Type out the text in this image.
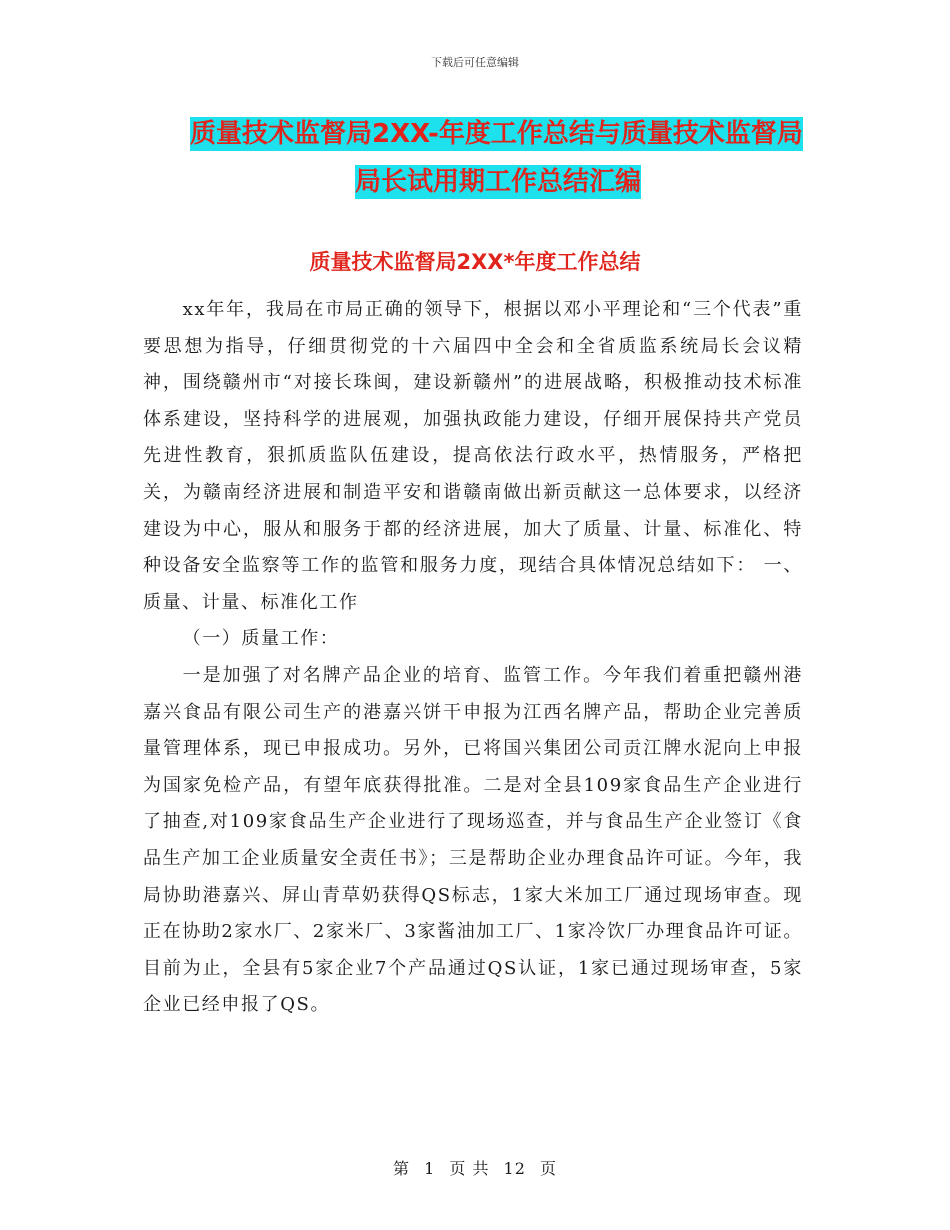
下载后可任意编辑
质量技术监督局2XX-年度工作总结与质量技术监督局
局长试用期工作总结汇编
质量技术监督局2XX*年度工作总结

xx年年，我局在市局正确的领导下，根据以邓小平理论和“三个代表”重要思想为指导，仔细贯彻党的十六届四中全会和全省质监系统局长会议精神，围绕赣州市“对接长珠闽，建设新赣州”的进展战略，积极推动技术标准体系建设，坚持科学的进展观，加强执政能力建设，仔细开展保持共产党员先进性教育，狠抓质监队伍建设，提高依法行政水平，热情服务，严格把关，为赣南经济进展和制造平安和谐赣南做出新贡献这一总体要求，以经济建设为中心，服从和服务于都的经济进展，加大了质量、计量、标准化、特种设备安全监察等工作的监管和服务力度，现结合具体情况总结如下： 一、质量、计量、标准化工作

（一）质量工作：

一是加强了对名牌产品企业的培育、监管工作。今年我们着重把赣州港嘉兴食品有限公司生产的港嘉兴饼干申报为江西名牌产品，帮助企业完善质量管理体系，现已申报成功。另外，已将国兴集团公司贡江牌水泥向上申报为国家免检产品，有望年底获得批准。二是对全县109家食品生产企业进行了抽查,对109家食品生产企业进行了现场巡查，并与食品生产企业签订《食品生产加工企业质量安全责任书》；三是帮助企业办理食品许可证。今年，我局协助港嘉兴、屏山青草奶获得QS标志，1家大米加工厂通过现场审查。现正在协助2家水厂、2家米厂、3家酱油加工厂、1家冷饮厂办理食品许可证。目前为止，全县有5家企业7个产品通过QS认证，1家已通过现场审查，5家企业已经申报了QS。

第 1 页 共 12 页
